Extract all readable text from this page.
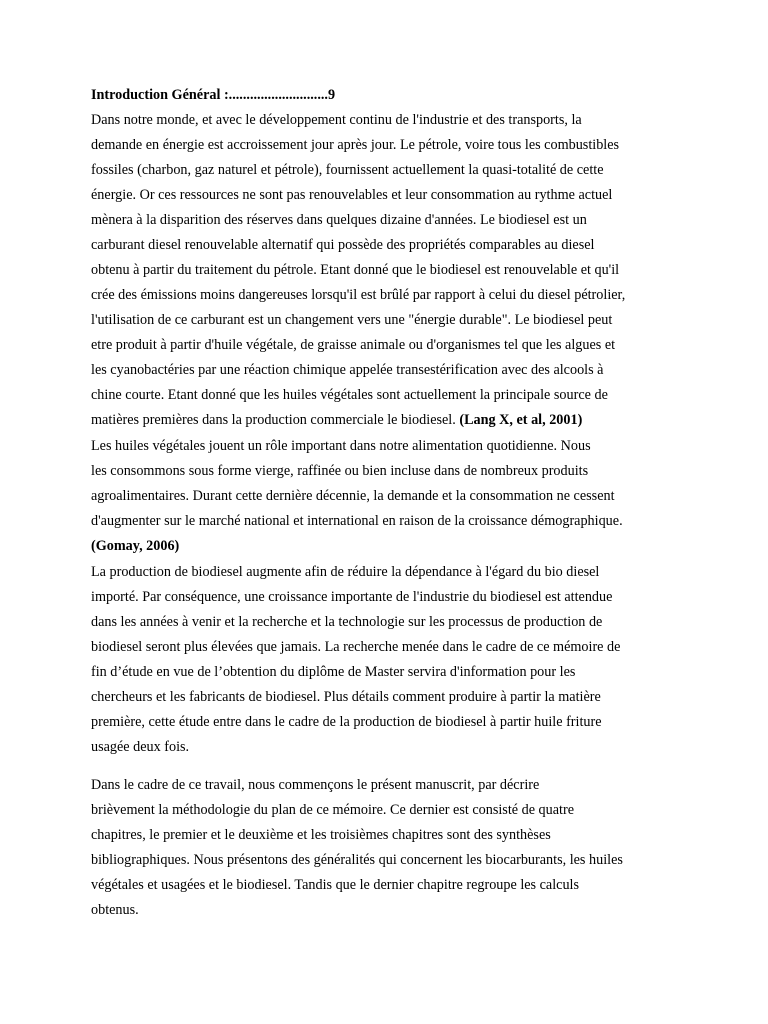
Introduction Général :............................9

Dans notre monde, et avec le développement continu de l'industrie et des transports, la

demande en énergie est accroissement jour après jour. Le pétrole, voire tous les combustibles

fossiles (charbon, gaz naturel et pétrole), fournissent actuellement la quasi-totalité de cette

énergie. Or ces ressources ne sont pas renouvelables et leur consommation au rythme actuel

mènera à la disparition des réserves dans quelques dizaine d'années. Le biodiesel est un

carburant diesel renouvelable alternatif qui possède des propriétés comparables au diesel

obtenu à partir du traitement du pétrole. Etant donné que le biodiesel est renouvelable et qu'il

crée des émissions moins dangereuses lorsqu'il est brûlé par rapport à celui du diesel pétrolier,

l'utilisation de ce carburant est un changement vers une "énergie durable". Le biodiesel peut

etre produit à partir d'huile végétale, de graisse animale ou d'organismes tel que les algues et

les cyanobactéries par une réaction chimique appelée transestérification avec des alcools à

chine courte. Etant donné que les huiles végétales sont actuellement la principale source de

matières premières dans la production commerciale le biodiesel. (Lang X, et al, 2001)

Les huiles végétales jouent un rôle important dans notre alimentation quotidienne. Nous

les consommons sous forme vierge, raffinée ou bien incluse dans de nombreux produits

agroalimentaires. Durant cette dernière décennie, la demande et la consommation ne cessent

d'augmenter sur le marché national et international en raison de la croissance démographique.

(Gomay, 2006)

La production de biodiesel augmente afin de réduire la dépendance à l'égard du bio diesel

importé. Par conséquence, une croissance importante de l'industrie du biodiesel est attendue

dans les années à venir et la recherche et la technologie sur les processus de production de

biodiesel seront plus élevées que jamais. La recherche menée dans le cadre de ce mémoire de

fin d’étude en vue de l’obtention du diplôme de Master servira d'information pour les

chercheurs et les fabricants de biodiesel. Plus détails comment produire à partir la matière

première, cette étude entre dans le cadre de la production de biodiesel à partir huile friture

usagée deux fois.

Dans le cadre de ce travail, nous commençons le présent manuscrit, par décrire

brièvement la méthodologie du plan de ce mémoire. Ce dernier est consisté de quatre

chapitres, le premier et le deuxième et les troisièmes chapitres sont des synthèses

bibliographiques. Nous présentons des généralités qui concernent les biocarburants, les huiles

végétales et usagées et le biodiesel. Tandis que le dernier chapitre regroupe les calculs

obtenus.
